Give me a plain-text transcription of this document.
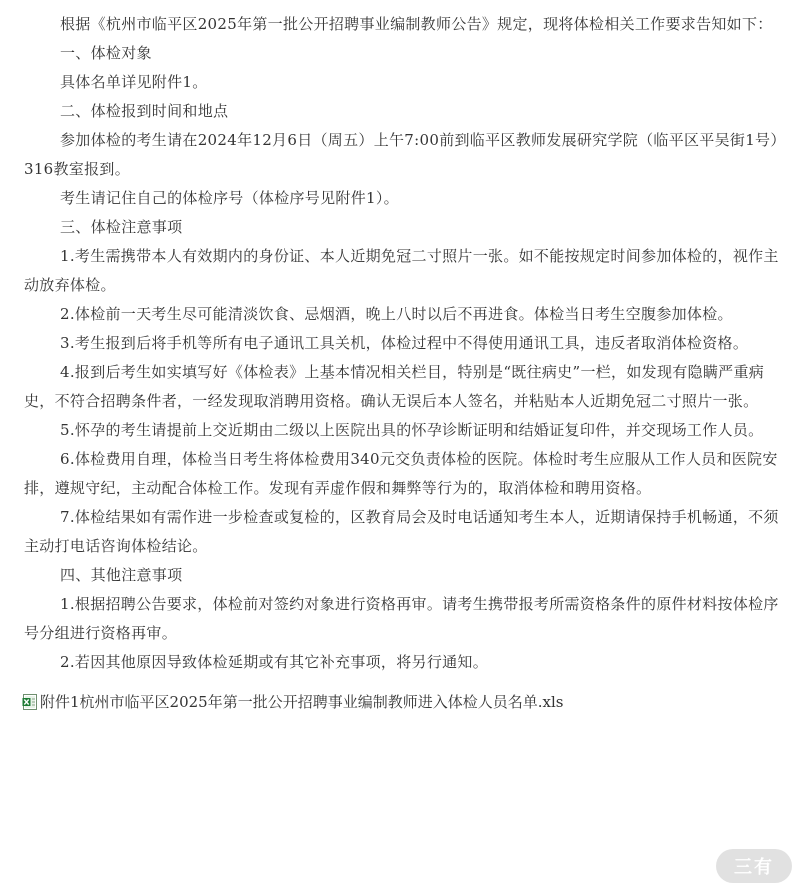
根据《杭州市临平区2025年第一批公开招聘事业编制教师公告》规定，现将体检相关工作要求告知如下：

一、体检对象

具体名单详见附件1。

二、体检报到时间和地点

参加体检的考生请在2024年12月6日（周五）上午7:00前到临平区教师发展研究学院（临平区平吴街1号）316教室报到。

考生请记住自己的体检序号（体检序号见附件1）。

三、体检注意事项

1.考生需携带本人有效期内的身份证、本人近期免冠二寸照片一张。如不能按规定时间参加体检的，视作主动放弃体检。

2.体检前一天考生尽可能清淡饮食、忌烟酒，晚上八时以后不再进食。体检当日考生空腹参加体检。

3.考生报到后将手机等所有电子通讯工具关机，体检过程中不得使用通讯工具，违反者取消体检资格。

4.报到后考生如实填写好《体检表》上基本情况相关栏目，特别是“既往病史”一栏，如发现有隐瞒严重病史，不符合招聘条件者，一经发现取消聘用资格。确认无误后本人签名，并粘贴本人近期免冠二寸照片一张。

5.怀孕的考生请提前上交近期由二级以上医院出具的怀孕诊断证明和结婚证复印件，并交现场工作人员。

6.体检费用自理，体检当日考生将体检费用340元交负责体检的医院。体检时考生应服从工作人员和医院安排，遵规守纪，主动配合体检工作。发现有弄虚作假和舞弊等行为的，取消体检和聘用资格。

7.体检结果如有需作进一步检查或复检的，区教育局会及时电话通知考生本人，近期请保持手机畅通，不须主动打电话咨询体检结论。

四、其他注意事项

1.根据招聘公告要求，体检前对签约对象进行资格再审。请考生携带报考所需资格条件的原件材料按体检序号分组进行资格再审。

2.若因其他原因导致体检延期或有其它补充事项，将另行通知。

附件1杭州市临平区2025年第一批公开招聘事业编制教师进入体检人员名单.xls
三有
